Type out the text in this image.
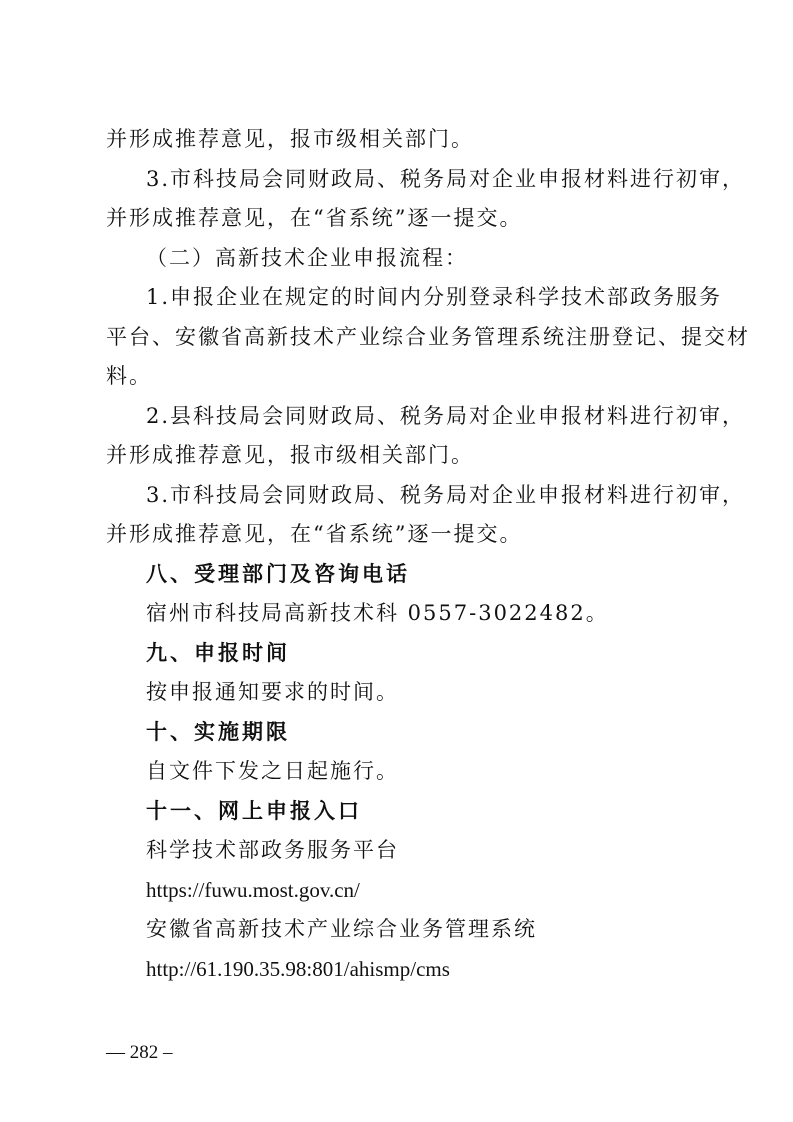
并形成推荐意见，报市级相关部门。
3.市科技局会同财政局、税务局对企业申报材料进行初审，
并形成推荐意见，在“省系统”逐一提交。
（二）高新技术企业申报流程：
1.申报企业在规定的时间内分别登录科学技术部政务服务
平台、安徽省高新技术产业综合业务管理系统注册登记、提交材
料。
2.县科技局会同财政局、税务局对企业申报材料进行初审，
并形成推荐意见，报市级相关部门。
3.市科技局会同财政局、税务局对企业申报材料进行初审，
并形成推荐意见，在“省系统”逐一提交。
八、受理部门及咨询电话
宿州市科技局高新技术科 0557-3022482。
九、申报时间
按申报通知要求的时间。
十、实施期限
自文件下发之日起施行。
十一、网上申报入口
科学技术部政务服务平台
https://fuwu.most.gov.cn/
安徽省高新技术产业综合业务管理系统
http://61.190.35.98:801/ahismp/cms
— 282 –
